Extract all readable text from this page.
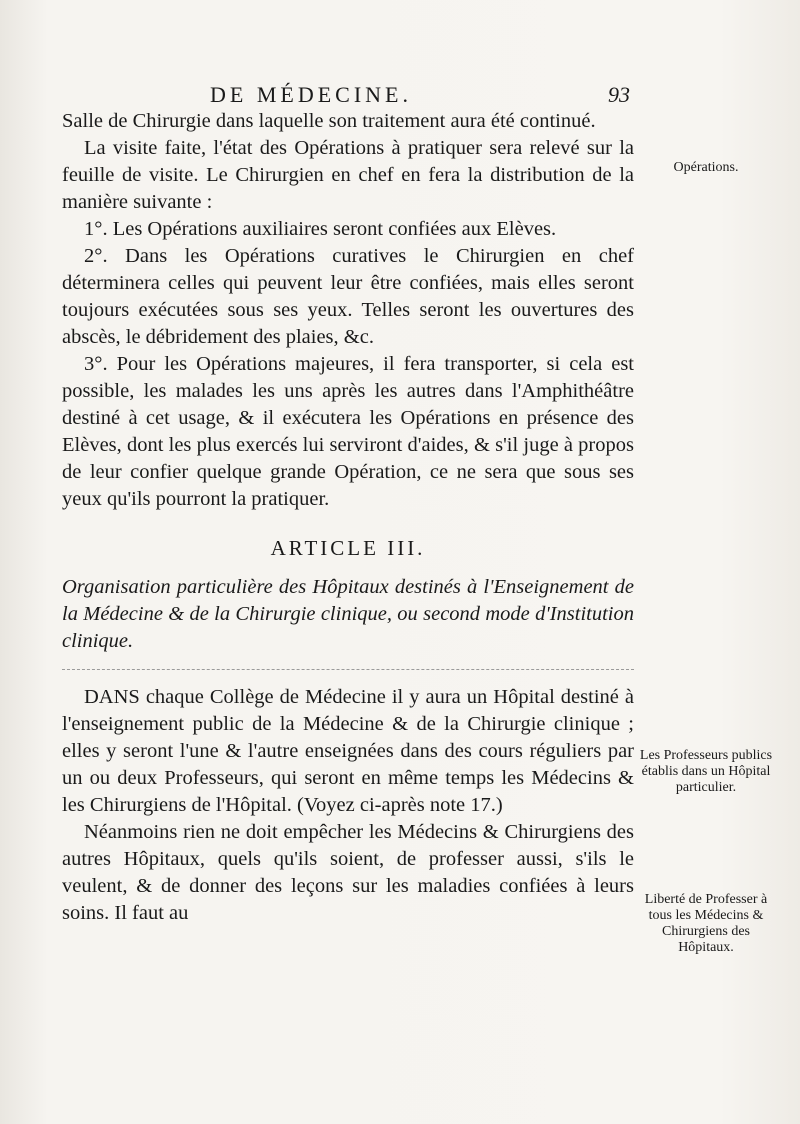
DE MÉDECINE.	93

Salle de Chirurgie dans laquelle son traitement aura été continué.

La visite faite, l'état des Opérations à pratiquer sera relevé sur la feuille de visite. Le Chirurgien en chef en fera la distribution de la manière suivante :

1°. Les Opérations auxiliaires seront confiées aux Elèves.

2°. Dans les Opérations curatives le Chirurgien en chef déterminera celles qui peuvent leur être confiées, mais elles seront toujours exécutées sous ses yeux. Telles seront les ouvertures des abscès, le débridement des plaies, &c.

3°. Pour les Opérations majeures, il fera transporter, si cela est possible, les malades les uns après les autres dans l'Amphithéâtre destiné à cet usage, & il exécutera les Opérations en présence des Elèves, dont les plus exercés lui serviront d'aides, & s'il juge à propos de leur confier quelque grande Opération, ce ne sera que sous ses yeux qu'ils pourront la pratiquer.

ARTICLE III.
Organisation particulière des Hôpitaux destinés à l'Enseignement de la Médecine & de la Chirurgie clinique, ou second mode d'Institution clinique.

DANS chaque Collège de Médecine il y aura un Hôpital destiné à l'enseignement public de la Médecine & de la Chirurgie clinique ; elles y seront l'une & l'autre enseignées dans des cours réguliers par un ou deux Professeurs, qui seront en même temps les Médecins & les Chirurgiens de l'Hôpital. (Voyez ci-après note 17.)

Néanmoins rien ne doit empêcher les Médecins & Chirurgiens des autres Hôpitaux, quels qu'ils soient, de professer aussi, s'ils le veulent, & de donner des leçons sur les maladies confiées à leurs soins. Il faut au

Opérations.
Les Professeurs publics établis dans un Hôpital particulier.
Liberté de Professer à tous les Médecins & Chirurgiens des Hôpitaux.
